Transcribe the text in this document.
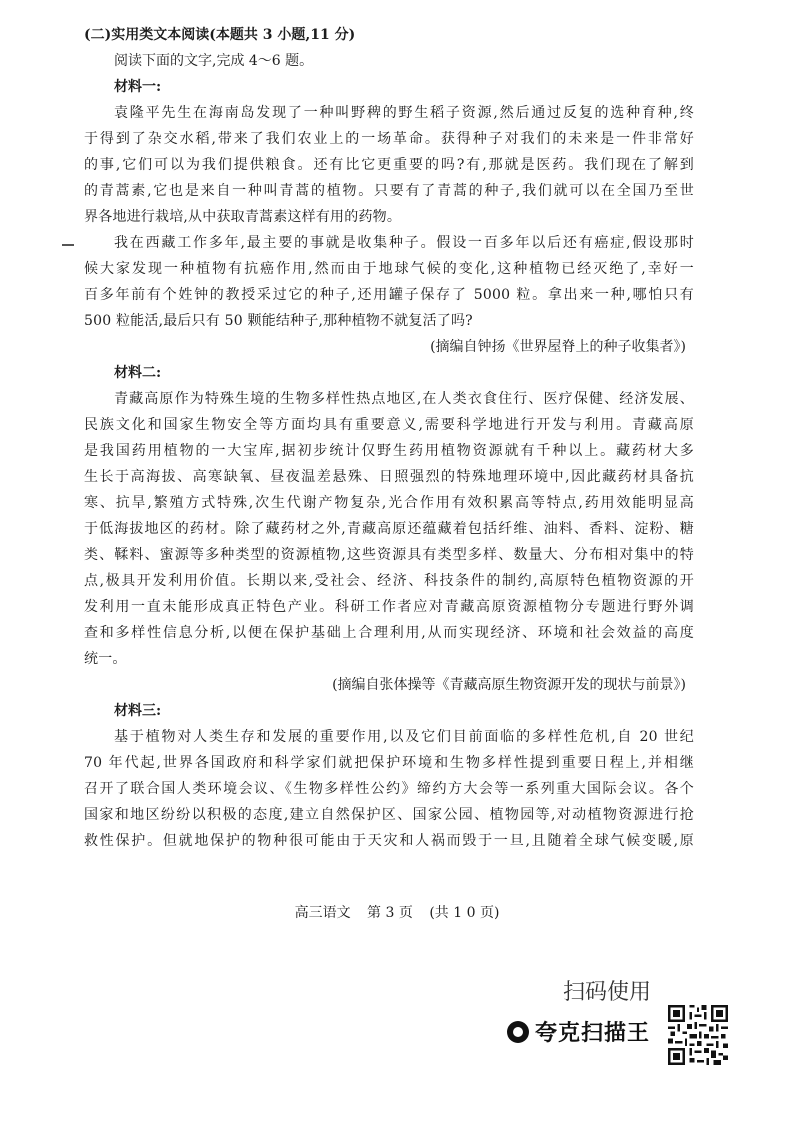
(二)实用类文本阅读(本题共 3 小题,11 分)
阅读下面的文字,完成 4～6 题。
材料一:
袁隆平先生在海南岛发现了一种叫野稗的野生稻子资源,然后通过反复的选种育种,终
于得到了杂交水稻,带来了我们农业上的一场革命。获得种子对我们的未来是一件非常好
的事,它们可以为我们提供粮食。还有比它更重要的吗?有,那就是医药。我们现在了解到
的青蒿素,它也是来自一种叫青蒿的植物。只要有了青蒿的种子,我们就可以在全国乃至世
界各地进行栽培,从中获取青蒿素这样有用的药物。
我在西藏工作多年,最主要的事就是收集种子。假设一百多年以后还有癌症,假设那时
候大家发现一种植物有抗癌作用,然而由于地球气候的变化,这种植物已经灭绝了,幸好一
百多年前有个姓钟的教授采过它的种子,还用罐子保存了 5000 粒。拿出来一种,哪怕只有
500 粒能活,最后只有 50 颗能结种子,那种植物不就复活了吗?
(摘编自钟扬《世界屋脊上的种子收集者》)
材料二:
青藏高原作为特殊生境的生物多样性热点地区,在人类衣食住行、医疗保健、经济发展、
民族文化和国家生物安全等方面均具有重要意义,需要科学地进行开发与利用。青藏高原
是我国药用植物的一大宝库,据初步统计仅野生药用植物资源就有千种以上。藏药材大多
生长于高海拔、高寒缺氧、昼夜温差悬殊、日照强烈的特殊地理环境中,因此藏药材具备抗
寒、抗旱,繁殖方式特殊,次生代谢产物复杂,光合作用有效积累高等特点,药用效能明显高
于低海拔地区的药材。除了藏药材之外,青藏高原还蕴藏着包括纤维、油料、香料、淀粉、糖
类、鞣料、蜜源等多种类型的资源植物,这些资源具有类型多样、数量大、分布相对集中的特
点,极具开发利用价值。长期以来,受社会、经济、科技条件的制约,高原特色植物资源的开
发利用一直未能形成真正特色产业。科研工作者应对青藏高原资源植物分专题进行野外调
查和多样性信息分析,以便在保护基础上合理利用,从而实现经济、环境和社会效益的高度
统一。
(摘编自张体操等《青藏高原生物资源开发的现状与前景》)
材料三:
基于植物对人类生存和发展的重要作用,以及它们目前面临的多样性危机,自 20 世纪
70 年代起,世界各国政府和科学家们就把保护环境和生物多样性提到重要日程上,并相继
召开了联合国人类环境会议、《生物多样性公约》缔约方大会等一系列重大国际会议。各个
国家和地区纷纷以积极的态度,建立自然保护区、国家公园、植物园等,对动植物资源进行抢
救性保护。但就地保护的物种很可能由于天灾和人祸而毁于一旦,且随着全球气候变暖,原
高三语文 第 3 页 (共 1 0 页)
扫码使用
夸克扫描王
